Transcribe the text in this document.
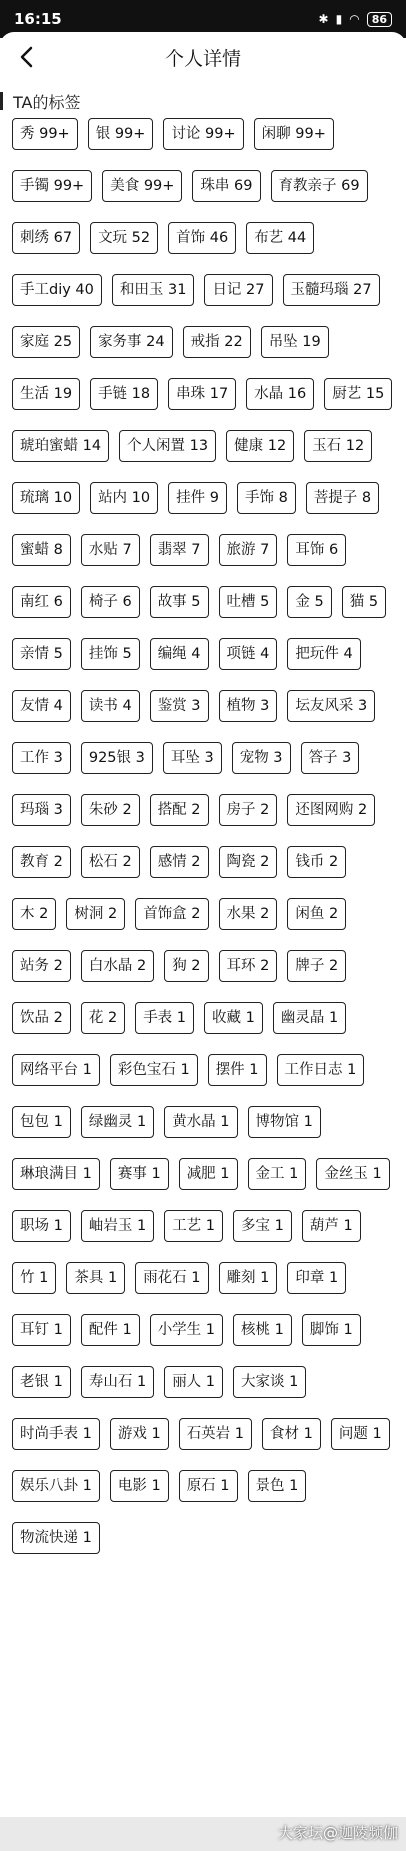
16:15	✱ ▮ ◠	86
个人详情
TA的标签
秀 99+	银 99+	讨论 99+	闲聊 99+
手镯 99+	美食 99+	珠串 69	育教亲子 69
刺绣 67	文玩 52	首饰 46	布艺 44
手工diy 40	和田玉 31	日记 27	玉髓玛瑙 27
家庭 25	家务事 24	戒指 22	吊坠 19
生活 19	手链 18	串珠 17	水晶 16	厨艺 15
琥珀蜜蜡 14	个人闲置 13	健康 12	玉石 12
琉璃 10	站内 10	挂件 9	手饰 8	菩提子 8
蜜蜡 8	水贴 7	翡翠 7	旅游 7	耳饰 6
南红 6	椅子 6	故事 5	吐槽 5	金 5	猫 5
亲情 5	挂饰 5	编绳 4	项链 4	把玩件 4
友情 4	读书 4	鉴赏 3	植物 3	坛友风采 3
工作 3	925银 3	耳坠 3	宠物 3	答子 3
玛瑙 3	朱砂 2	搭配 2	房子 2	还图网购 2
教育 2	松石 2	感情 2	陶瓷 2	钱币 2
木 2	树洞 2	首饰盒 2	水果 2	闲鱼 2
站务 2	白水晶 2	狗 2	耳环 2	牌子 2
饮品 2	花 2	手表 1	收藏 1	幽灵晶 1
网络平台 1	彩色宝石 1	摆件 1	工作日志 1
包包 1	绿幽灵 1	黄水晶 1	博物馆 1
琳琅满目 1	赛事 1	减肥 1	金工 1	金丝玉 1
职场 1	岫岩玉 1	工艺 1	多宝 1	葫芦 1
竹 1	茶具 1	雨花石 1	雕刻 1	印章 1
耳钉 1	配件 1	小学生 1	核桃 1	脚饰 1
老银 1	寿山石 1	丽人 1	大家谈 1
时尚手表 1	游戏 1	石英岩 1	食材 1	问题 1
娱乐八卦 1	电影 1	原石 1	景色 1
物流快递 1
大家坛@迦陵频伽
